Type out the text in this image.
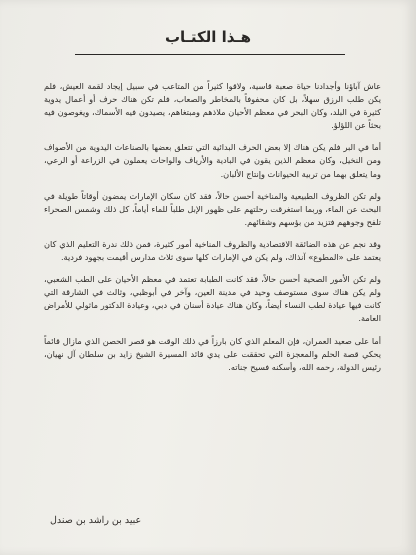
هـذا الكتـاب

عاش آباؤنا وأجدادنا حياة صعبة قاسية، ولاقوا كثيراً من المتاعب في سبيل إيجاد لقمة العيش، فلم يكن طلب الرزق سهلاً، بل كان محفوفاً بالمخاطر والصعاب، فلم تكن هناك حرف أو أعمال يدوية كثيرة في البلد، وكان البحر في معظم الأحيان ملاذهم ومبتغاهم، يصيدون فيه الأسماك، ويغوصون فيه بحثاً عن اللؤلؤ.

أما في البر فلم يكن هناك إلا بعض الحرف البدائية التي تتعلق بعضها بالصناعات اليدوية من الأصواف ومن النخيل، وكان معظم الذين يقون في البادية والأرياف والواحات يعملون في الزراعة أو الرعي، وما يتعلق بهما من تربية الحيوانات وإنتاج الألبان.

ولم تكن الظروف الطبيعية والمناخية أحسن حالاً، فقد كان سكان الإمارات يمضون أوقاتاً طويلة في البحث عن الماء، وربما استغرقت رحلتهم على ظهور الإبل طلباً للماء أياماً، كل ذلك وشمس الصحراء تلفح وجوههم فتزيد من بؤسهم وشقائهم.

وقد نجم عن هذه الضائقة الاقتصادية والظروف المناخية أمور كثيرة، فمن ذلك ندرة التعليم الذي كان يعتمد على «المطوع» آنذاك، ولم يكن في الإمارات كلها سوى ثلاث مدارس أقيمت بجهود فردية.

ولم تكن الأمور الصحية أحسن حالاً، فقد كانت الطبابة تعتمد في معظم الأحيان على الطب الشعبي، ولم يكن هناك سوى مستوصف وحيد في مدينة العين، وآخر في أبوظبي، وثالث في الشارقة التي كانت فيها عيادة لطب النساء أيضاً، وكان هناك عيادة أسنان في دبي، وعيادة الدكتور ماثولي للأمراض العامة.

أما على صعيد العمران، فإن المعلم الذي كان بارزاً في ذلك الوقت هو قصر الحصن الذي مازال قائماً يحكي قصة الحلم والمعجزة التي تحققت على يدي قائد المسيرة الشيخ زايد بن سلطان آل نهيان، رئيس الدولة، رحمه الله، وأسكنه فسيح جناته.

عبيد بن راشد بن صندل
